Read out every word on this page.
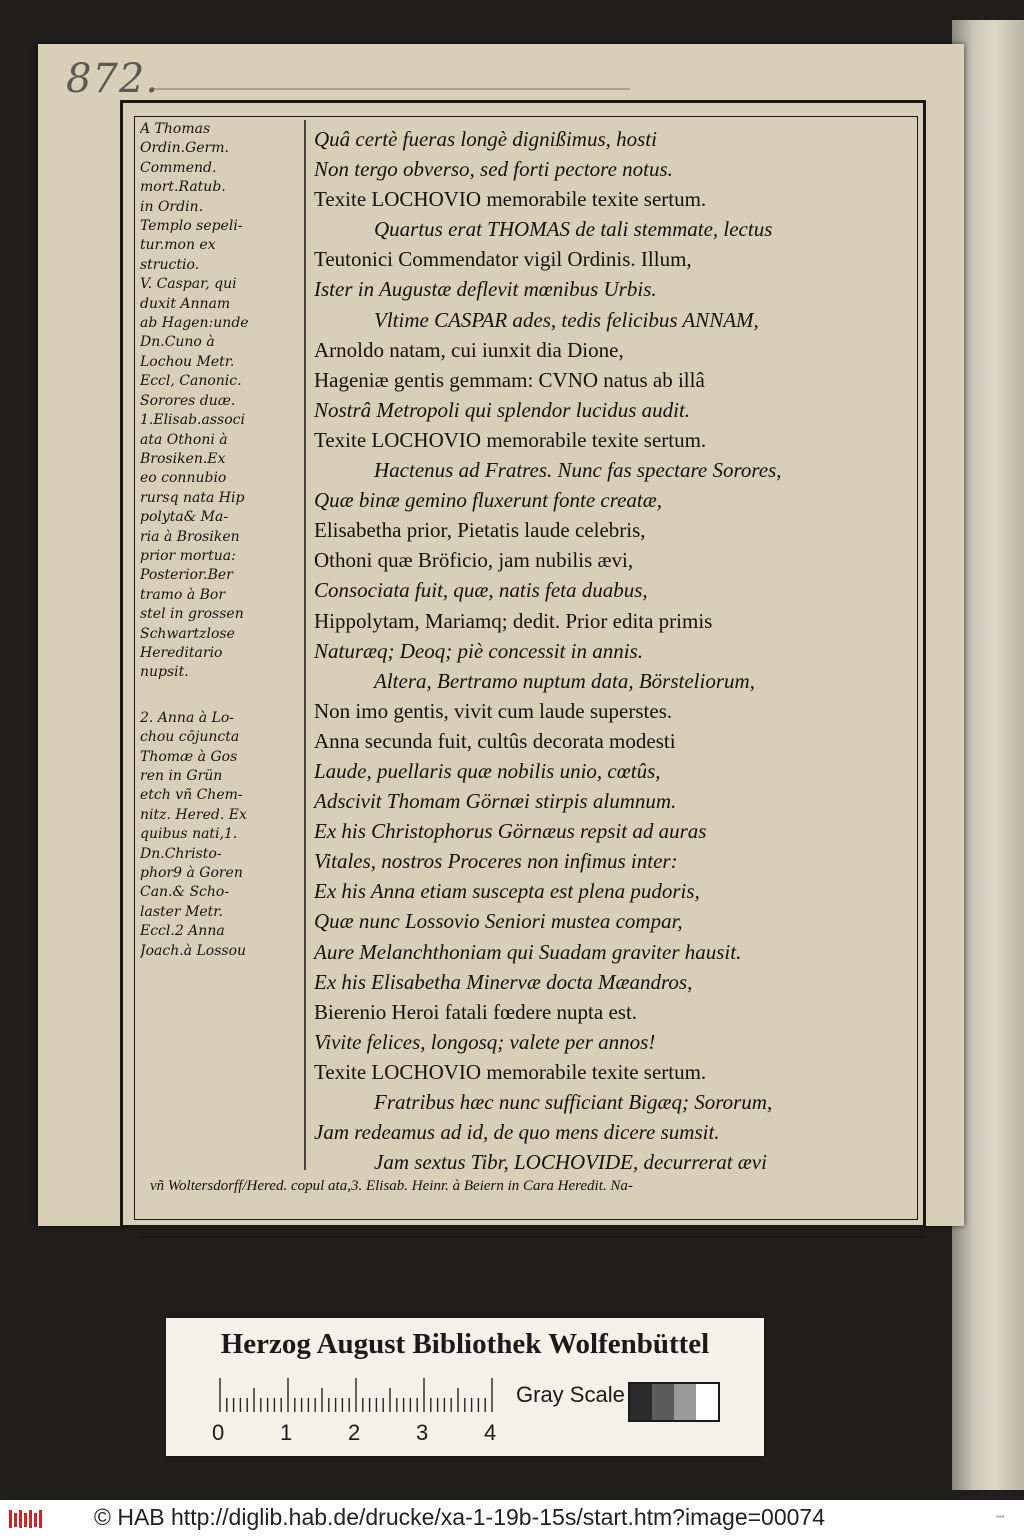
872.
A Thomas
Ordin.Germ.
Commend.
mort.Ratub.
in Ordin.
Templo sepeli-
tur.mon ex
structio.
V. Caspar, qui
duxit Annam
ab Hagen:unde
Dn.Cuno à
Lochou Metr.
Eccl, Canonic.
Sorores duæ.
1.Elisab.associ
ata Othoni à
Brosiken.Ex
eo connubio
rursq nata Hip
polyta& Ma-
ria à Brosiken
prior mortua:
Posterior.Ber
tramo à Bor
stel in grossen
Schwartzlose
Hereditario
nupsit.
2. Anna à Lo-
chou cōjuncta
Thomæ à Gos
ren in Grün
etch vñ Chem-
nitz. Hered. Ex
quibus nati,1.
Dn.Christo-
phor9 à Goren
Can.& Scho-
laster Metr.
Eccl.2 Anna
Joach.à Lossou
Quâ certè fueras longè dignißimus, hosti
Non tergo obverso, sed forti pectore notus.
Texite LOCHOVIO memorabile texite sertum.
Quartus erat THOMAS de tali stemmate, lectus
Teutonici Commendator vigil Ordinis. Illum,
Ister in Augustæ deflevit mœnibus Urbis.
Vltime CASPAR ades, tedis felicibus ANNAM,
Arnoldo natam, cui iunxit dia Dione,
Hageniæ gentis gemmam: CVNO natus ab illâ
Nostrâ Metropoli qui splendor lucidus audit.
Texite LOCHOVIO memorabile texite sertum.
Hactenus ad Fratres. Nunc fas spectare Sorores,
Quæ binæ gemino fluxerunt fonte creatæ,
Elisabetha prior, Pietatis laude celebris,
Othoni quæ Bröficio, jam nubilis ævi,
Consociata fuit, quæ, natis feta duabus,
Hippolytam, Mariamq; dedit. Prior edita primis
Naturæq; Deoq; piè concessit in annis.
Altera, Bertramo nuptum data, Börsteliorum,
Non imo gentis, vivit cum laude superstes.
Anna secunda fuit, cultûs decorata modesti
Laude, puellaris quæ nobilis unio, cœtûs,
Adscivit Thomam Görnæi stirpis alumnum.
Ex his Christophorus Görnæus repsit ad auras
Vitales, nostros Proceres non infimus inter:
Ex his Anna etiam suscepta est plena pudoris,
Quæ nunc Lossovio Seniori mustea compar,
Aure Melanchthoniam qui Suadam graviter hausit.
Ex his Elisabetha Minervæ docta Mæandros,
Bierenio Heroi fatali fœdere nupta est.
Vivite felices, longosq; valete per annos!
Texite LOCHOVIO memorabile texite sertum.
Fratribus hæc nunc sufficiant Bigæq; Sororum,
Jam redeamus ad id, de quo mens dicere sumsit.
Jam sextus Tibr, LOCHOVIDE, decurrerat ævi
vñ Woltersdorff/Hered. copul ata,3. Elisab. Heinr. à Beiern in Cara Heredit. Na-
Herzog August Bibliothek Wolfenbüttel
0	1	2	3	4
Gray Scale
© HAB http://diglib.hab.de/drucke/xa-1-19b-15s/start.htm?image=00074	▪▪▪
